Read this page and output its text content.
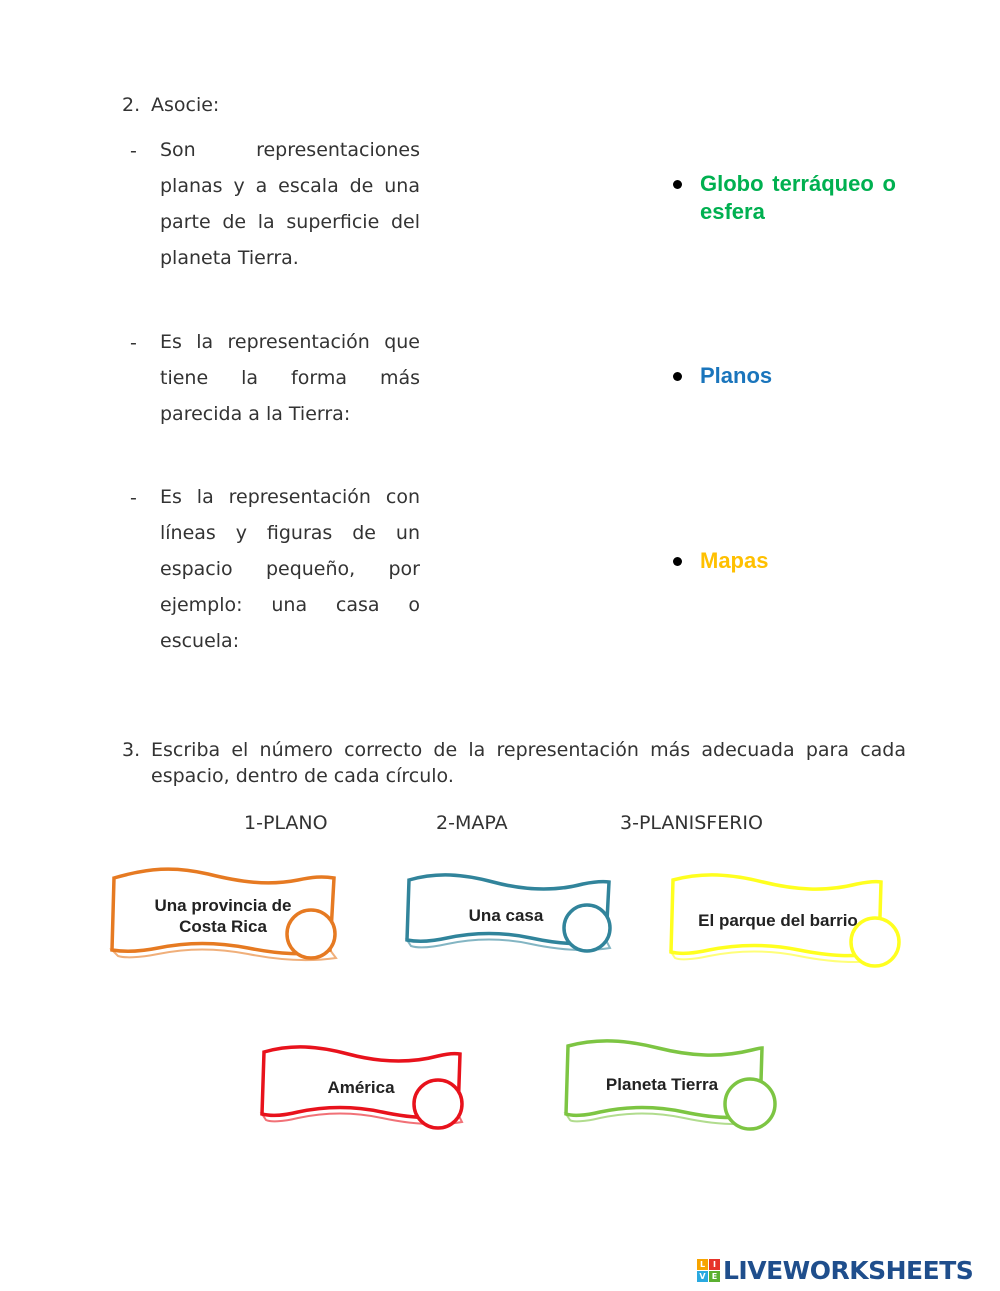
2. Asocie:
- Son representaciones planas y a escala de una parte de la superficie del planeta Tierra.
- Es la representación que tiene la forma más parecida a la Tierra:
- Es la representación con líneas y figuras de un espacio pequeño, por ejemplo: una casa o escuela:
Globo terráqueo o esfera
Planos
Mapas
3. Escriba el número correcto de la representación más adecuada para cada espacio, dentro de cada círculo.
1-PLANO	2-MAPA	3-PLANISFERIO
Una provincia de Costa Rica
Una casa	El parque del barrio
América	Planeta Tierra
L I
V E LIVEWORKSHEETS
